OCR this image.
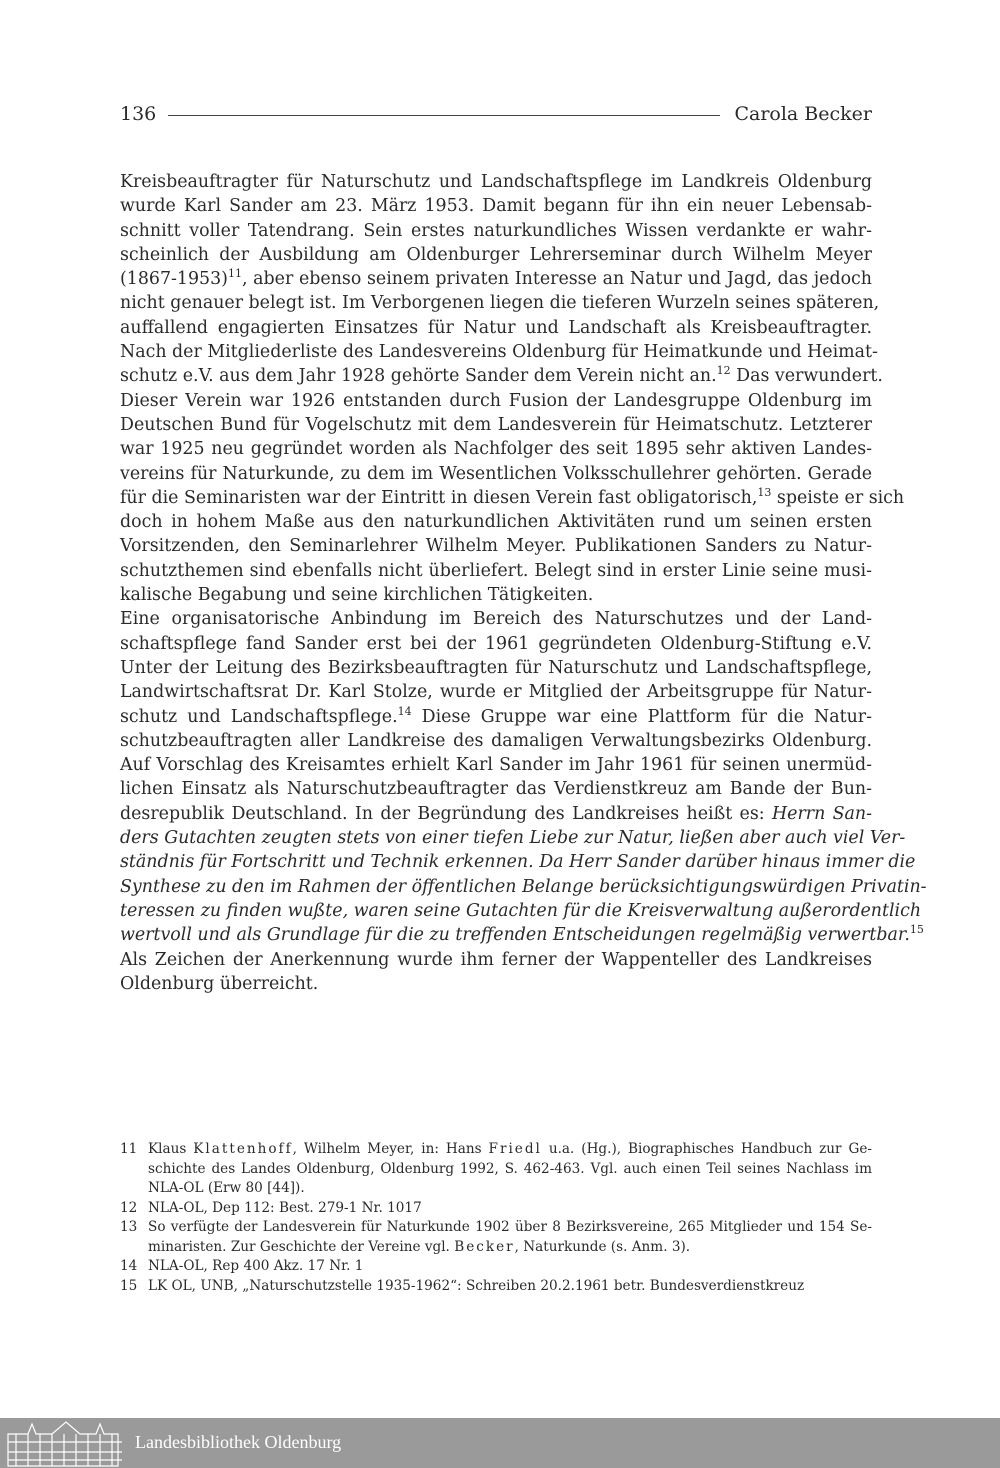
136	Carola Becker
Kreisbeauftragter für Naturschutz und Landschaftspflege im Landkreis Oldenburg
wurde Karl Sander am 23. März 1953. Damit begann für ihn ein neuer Lebensab-
schnitt voller Tatendrang. Sein erstes naturkundliches Wissen verdankte er wahr-
scheinlich der Ausbildung am Oldenburger Lehrerseminar durch Wilhelm Meyer
(1867-1953)$^{11}$, aber ebenso seinem privaten Interesse an Natur und Jagd, das jedoch
nicht genauer belegt ist. Im Verborgenen liegen die tieferen Wurzeln seines späteren,
auffallend engagierten Einsatzes für Natur und Landschaft als Kreisbeauftragter.
Nach der Mitgliederliste des Landesvereins Oldenburg für Heimatkunde und Heimat-
schutz e.V. aus dem Jahr 1928 gehörte Sander dem Verein nicht an.$^{12}$ Das verwundert.
Dieser Verein war 1926 entstanden durch Fusion der Landesgruppe Oldenburg im
Deutschen Bund für Vogelschutz mit dem Landesverein für Heimatschutz. Letzterer
war 1925 neu gegründet worden als Nachfolger des seit 1895 sehr aktiven Landes-
vereins für Naturkunde, zu dem im Wesentlichen Volksschullehrer gehörten. Gerade
für die Seminaristen war der Eintritt in diesen Verein fast obligatorisch,$^{13}$ speiste er sich
doch in hohem Maße aus den naturkundlichen Aktivitäten rund um seinen ersten
Vorsitzenden, den Seminarlehrer Wilhelm Meyer. Publikationen Sanders zu Natur-
schutzthemen sind ebenfalls nicht überliefert. Belegt sind in erster Linie seine musi-
kalische Begabung und seine kirchlichen Tätigkeiten.
Eine organisatorische Anbindung im Bereich des Naturschutzes und der Land-
schaftspflege fand Sander erst bei der 1961 gegründeten Oldenburg-Stiftung e.V.
Unter der Leitung des Bezirksbeauftragten für Naturschutz und Landschaftspflege,
Landwirtschaftsrat Dr. Karl Stolze, wurde er Mitglied der Arbeitsgruppe für Natur-
schutz und Landschaftspflege.$^{14}$ Diese Gruppe war eine Plattform für die Natur-
schutzbeauftragten aller Landkreise des damaligen Verwaltungsbezirks Oldenburg.
Auf Vorschlag des Kreisamtes erhielt Karl Sander im Jahr 1961 für seinen unermüd-
lichen Einsatz als Naturschutzbeauftragter das Verdienstkreuz am Bande der Bun-
desrepublik Deutschland. In der Begründung des Landkreises heißt es: Herrn San-
ders Gutachten zeugten stets von einer tiefen Liebe zur Natur, ließen aber auch viel Ver-
ständnis für Fortschritt und Technik erkennen. Da Herr Sander darüber hinaus immer die
Synthese zu den im Rahmen der öffentlichen Belange berücksichtigungswürdigen Privatin-
teressen zu finden wußte, waren seine Gutachten für die Kreisverwaltung außerordentlich
wertvoll und als Grundlage für die zu treffenden Entscheidungen regelmäßig verwertbar.$^{15}$
Als Zeichen der Anerkennung wurde ihm ferner der Wappenteller des Landkreises
Oldenburg überreicht.
11 Klaus Klattenhoff, Wilhelm Meyer, in: Hans Friedl u.a. (Hg.), Biographisches Handbuch zur Ge-
schichte des Landes Oldenburg, Oldenburg 1992, S. 462-463. Vgl. auch einen Teil seines Nachlass im
NLA-OL (Erw 80 [44]).
12 NLA-OL, Dep 112: Best. 279-1 Nr. 1017
13 So verfügte der Landesverein für Naturkunde 1902 über 8 Bezirksvereine, 265 Mitglieder und 154 Se-
minaristen. Zur Geschichte der Vereine vgl. Becker, Naturkunde (s. Anm. 3).
14 NLA-OL, Rep 400 Akz. 17 Nr. 1
15 LK OL, UNB, „Naturschutzstelle 1935-1962“: Schreiben 20.2.1961 betr. Bundesverdienstkreuz
Landesbibliothek Oldenburg
